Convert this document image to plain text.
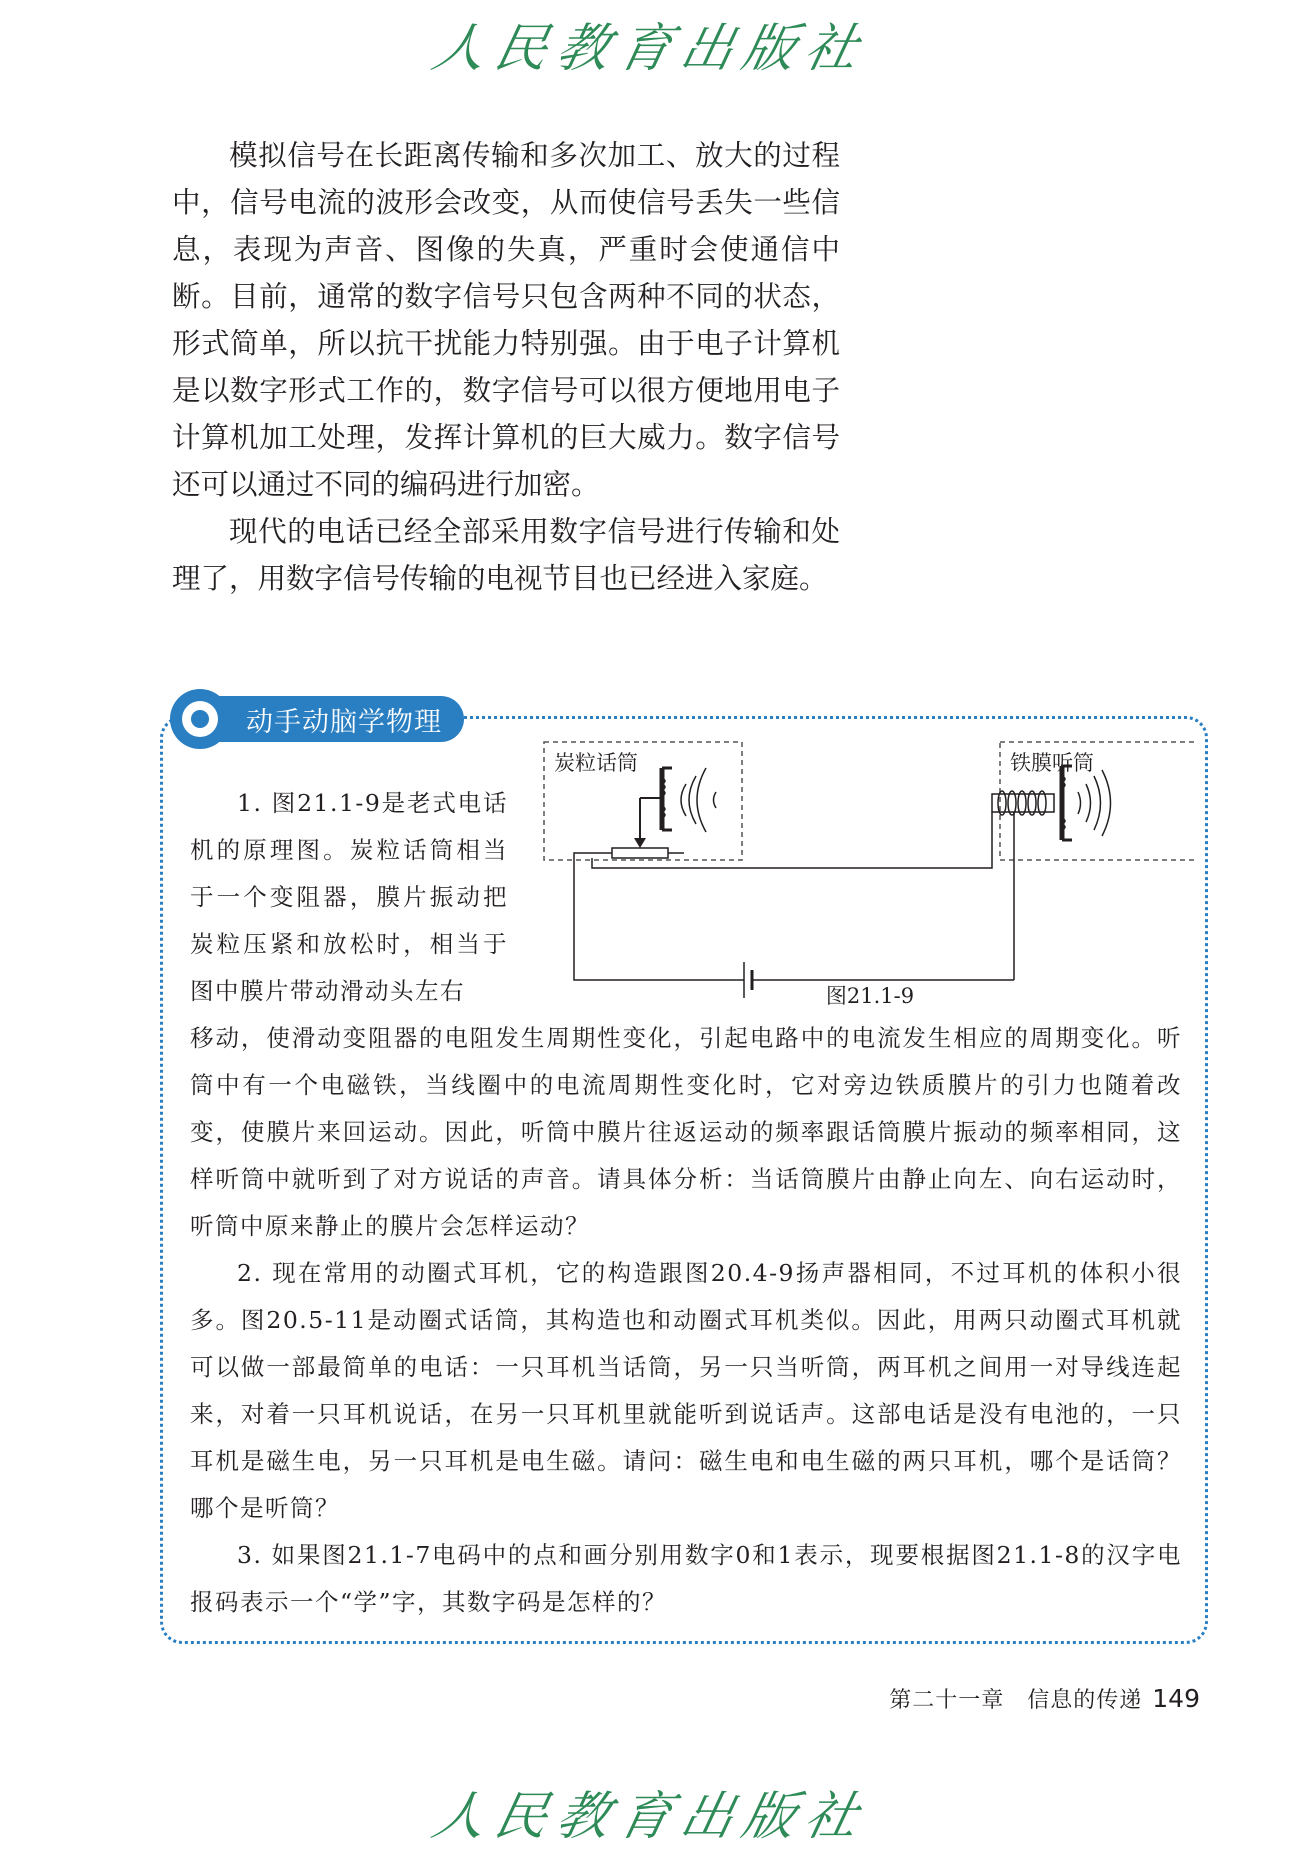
人民教育出版社

模拟信号在长距离传输和多次加工、放大的过程中，信号电流的波形会改变，从而使信号丢失一些信息，表现为声音、图像的失真，严重时会使通信中断。目前，通常的数字信号只包含两种不同的状态，形式简单，所以抗干扰能力特别强。由于电子计算机是以数字形式工作的，数字信号可以很方便地用电子计算机加工处理，发挥计算机的巨大威力。数字信号还可以通过不同的编码进行加密。

现代的电话已经全部采用数字信号进行传输和处理了，用数字信号传输的电视节目也已经进入家庭。

动手动脑学物理

1. 图21.1-9是老式电话机的原理图。炭粒话筒相当于一个变阻器，膜片振动把炭粒压紧和放松时，相当于图中膜片带动滑动头左右

移动，使滑动变阻器的电阻发生周期性变化，引起电路中的电流发生相应的周期变化。听筒中有一个电磁铁，当线圈中的电流周期性变化时，它对旁边铁质膜片的引力也随着改变，使膜片来回运动。因此，听筒中膜片往返运动的频率跟话筒膜片振动的频率相同，这样听筒中就听到了对方说话的声音。请具体分析：当话筒膜片由静止向左、向右运动时，听筒中原来静止的膜片会怎样运动？

2. 现在常用的动圈式耳机，它的构造跟图20.4-9扬声器相同，不过耳机的体积小很多。图20.5-11是动圈式话筒，其构造也和动圈式耳机类似。因此，用两只动圈式耳机就可以做一部最简单的电话：一只耳机当话筒，另一只当听筒，两耳机之间用一对导线连起来，对着一只耳机说话，在另一只耳机里就能听到说话声。这部电话是没有电池的，一只耳机是磁生电，另一只耳机是电生磁。请问：磁生电和电生磁的两只耳机，哪个是话筒？哪个是听筒？

3. 如果图21.1-7电码中的点和画分别用数字0和1表示，现要根据图21.1-8的汉字电报码表示一个“学”字，其数字码是怎样的？

炭粒话筒	铁膜听筒
图21.1-9
第二十一章　信息的传递 149
人民教育出版社
